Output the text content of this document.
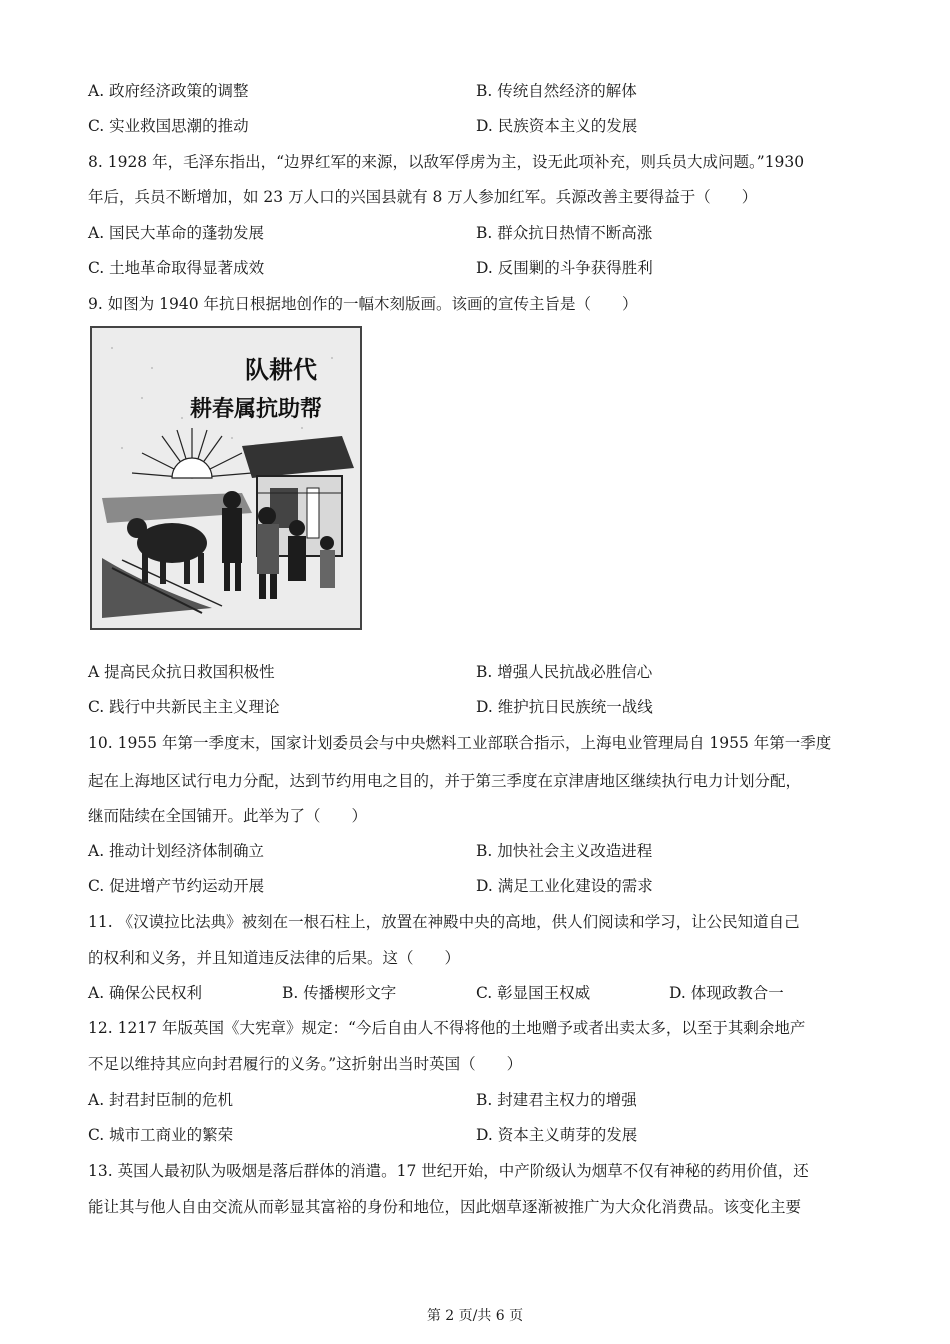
A. 政府经济政策的调整	B. 传统自然经济的解体
C. 实业救国思潮的推动	D. 民族资本主义的发展
8. 1928 年，毛泽东指出，“边界红军的来源，以敌军俘虏为主，设无此项补充，则兵员大成问题。”1930
年后，兵员不断增加，如 23 万人口的兴国县就有 8 万人参加红军。兵源改善主要得益于（　　）
A. 国民大革命的蓬勃发展	B. 群众抗日热情不断高涨
C. 土地革命取得显著成效	D. 反围剿的斗争获得胜利
9. 如图为 1940 年抗日根据地创作的一幅木刻版画。该画的宣传主旨是（　　）
队耕代
耕春属抗助帮
A 提高民众抗日救国积极性	B. 增强人民抗战必胜信心
C. 践行中共新民主主义理论	D. 维护抗日民族统一战线
10. 1955 年第一季度末，国家计划委员会与中央燃料工业部联合指示，上海电业管理局自 1955 年第一季度
起在上海地区试行电力分配，达到节约用电之目的，并于第三季度在京津唐地区继续执行电力计划分配，
继而陆续在全国铺开。此举为了（　　）
A. 推动计划经济体制确立	B. 加快社会主义改造进程
C. 促进增产节约运动开展	D. 满足工业化建设的需求
11. 《汉谟拉比法典》被刻在一根石柱上，放置在神殿中央的高地，供人们阅读和学习，让公民知道自己
的权利和义务，并且知道违反法律的后果。这（　　）
A. 确保公民权利	B. 传播楔形文字	C. 彰显国王权威	D. 体现政教合一
12. 1217 年版英国《大宪章》规定：“今后自由人不得将他的土地赠予或者出卖太多，以至于其剩余地产
不足以维持其应向封君履行的义务。”这折射出当时英国（　　）
A. 封君封臣制的危机	B. 封建君主权力的增强
C. 城市工商业的繁荣	D. 资本主义萌芽的发展
13. 英国人最初队为吸烟是落后群体的消遣。17 世纪开始，中产阶级认为烟草不仅有神秘的药用价值，还
能让其与他人自由交流从而彰显其富裕的身份和地位，因此烟草逐渐被推广为大众化消费品。该变化主要
第 2 页/共 6 页
